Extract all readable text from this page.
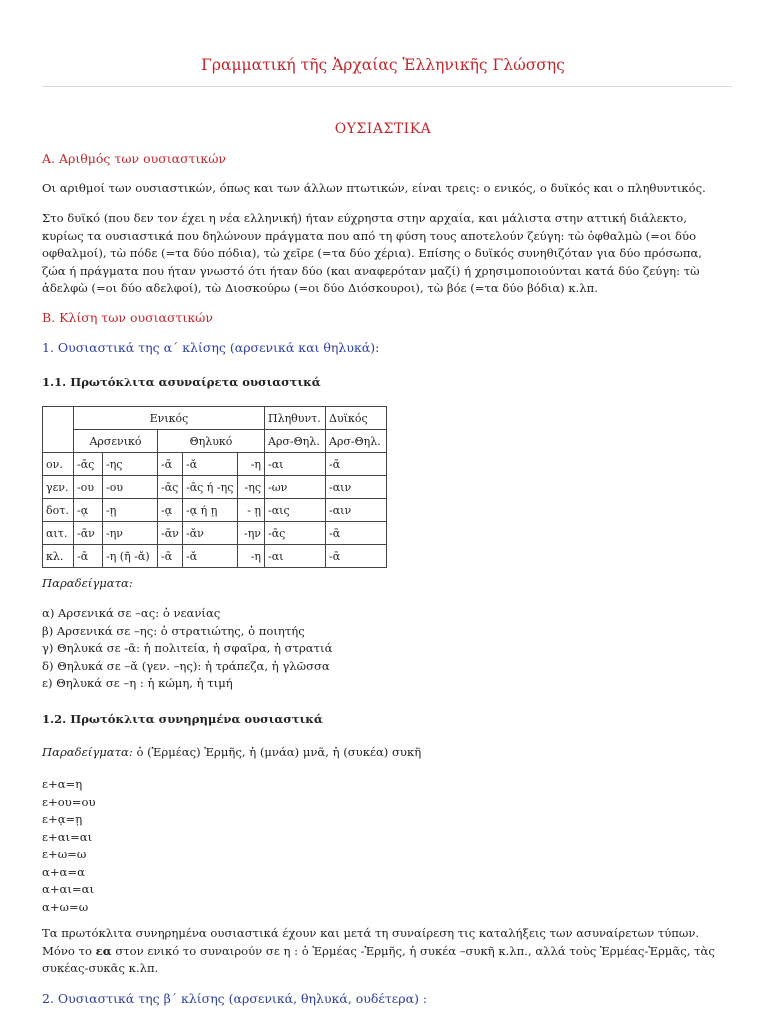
Γραμματική τῆς Ἀρχαίας Ἑλληνικῆς Γλώσσης
ΟΥΣΙΑΣΤΙΚΑ
Α. Αριθμός των ουσιαστικών
Οι αριθμοί των ουσιαστικών, όπως και των άλλων πτωτικών, είναι τρεις: ο ενικός, ο δυϊκός και ο πληθυντικός.
Στο δυϊκό (που δεν τον έχει η νέα ελληνική) ήταν εύχρηστα στην αρχαία, και μάλιστα στην αττική διάλεκτο,
κυρίως τα ουσιαστικά που δηλώνουν πράγματα που από τη φύση τους αποτελούν ζεύγη: τὼ ὀφθαλμὼ (=οι δύο
οφθαλμοί), τὼ πόδε (=τα δύο πόδια), τὼ χεῖρε (=τα δύο χέρια). Επίσης ο δυϊκός συνηθιζόταν για δύο πρόσωπα,
ζώα ή πράγματα που ήταν γνωστό ότι ήταν δύο (και αναφερόταν μαζί) ή χρησιμοποιούνται κατά δύο ζεύγη: τὼ
ἀδελφὼ (=οι δύο αδελφοί), τὼ Διοσκούρω (=οι δύο Διόσκουροι), τὼ βόε (=τα δύο βόδια) κ.λπ.
Β. Κλίση των ουσιαστικών
1. Ουσιαστικά της α΄ κλίσης (αρσενικά και θηλυκά):
1.1. Πρωτόκλιτα ασυναίρετα ουσιαστικά
	Ενικός					Πληθυντ.	Δυϊκός
	Αρσενικό		Θηλυκό			Αρσ-Θηλ.	Αρσ-Θηλ.
ον.	-ᾱς	-ης	-ᾱ	-ᾰ		-η	-αι	-ᾱ
γεν.	-ου	-ου	-ᾱς	-ᾱς ή -ης		-ης	-ων	-αιν
δοτ.	-ᾳ	-ῃ	-ᾳ	-ᾳ ή ῃ		- ῃ	-αις	-αιν
αιτ.	-ᾱν	-ην	-ᾱν	-ᾰν		-ην	-ᾱς	-ᾱ
κλ.	-ᾱ	-η (ῆ -ᾰ)	-ᾱ	-ᾰ		-η	-αι	-ᾱ
Παραδείγματα:
α) Αρσενικά σε –ας: ὁ νεανίας
β) Αρσενικά σε –ης: ὁ στρατιώτης, ὁ ποιητής
γ) Θηλυκά σε -ᾱ: ἡ πολιτεία, ἡ σφαῖρα, ἡ στρατιά
δ) Θηλυκά σε –ᾰ (γεν. –ης): ἡ τράπεζα, ἡ γλῶσσα
ε) Θηλυκά σε –η : ἡ κώμη, ἡ τιμή
1.2. Πρωτόκλιτα συνηρημένα ουσιαστικά
Παραδείγματα: ὁ (Ἑρμέας) Ἑρμῆς, ἡ (μνάα) μνᾶ, ἡ (συκέα) συκῆ
ε+α=η
ε+ου=ου
ε+ᾳ=ῃ
ε+αι=αι
ε+ω=ω
α+α=α
α+αι=αι
α+ω=ω
Τα πρωτόκλιτα συνηρημένα ουσιαστικά έχουν και μετά τη συναίρεση τις καταλήξεις των ασυναίρετων τύπων.
Μόνο το εα στον ενικό το συναιρούν σε η : ὁ Ἑρμέας -Ἑρμῆς, ἡ συκέα –συκῆ κ.λπ., αλλά τοὺς Ἑρμέας-Ἑρμᾶς, τὰς
συκέας-συκᾶς κ.λπ.
2. Ουσιαστικά της β΄ κλίσης (αρσενικά, θηλυκά, ουδέτερα) :
